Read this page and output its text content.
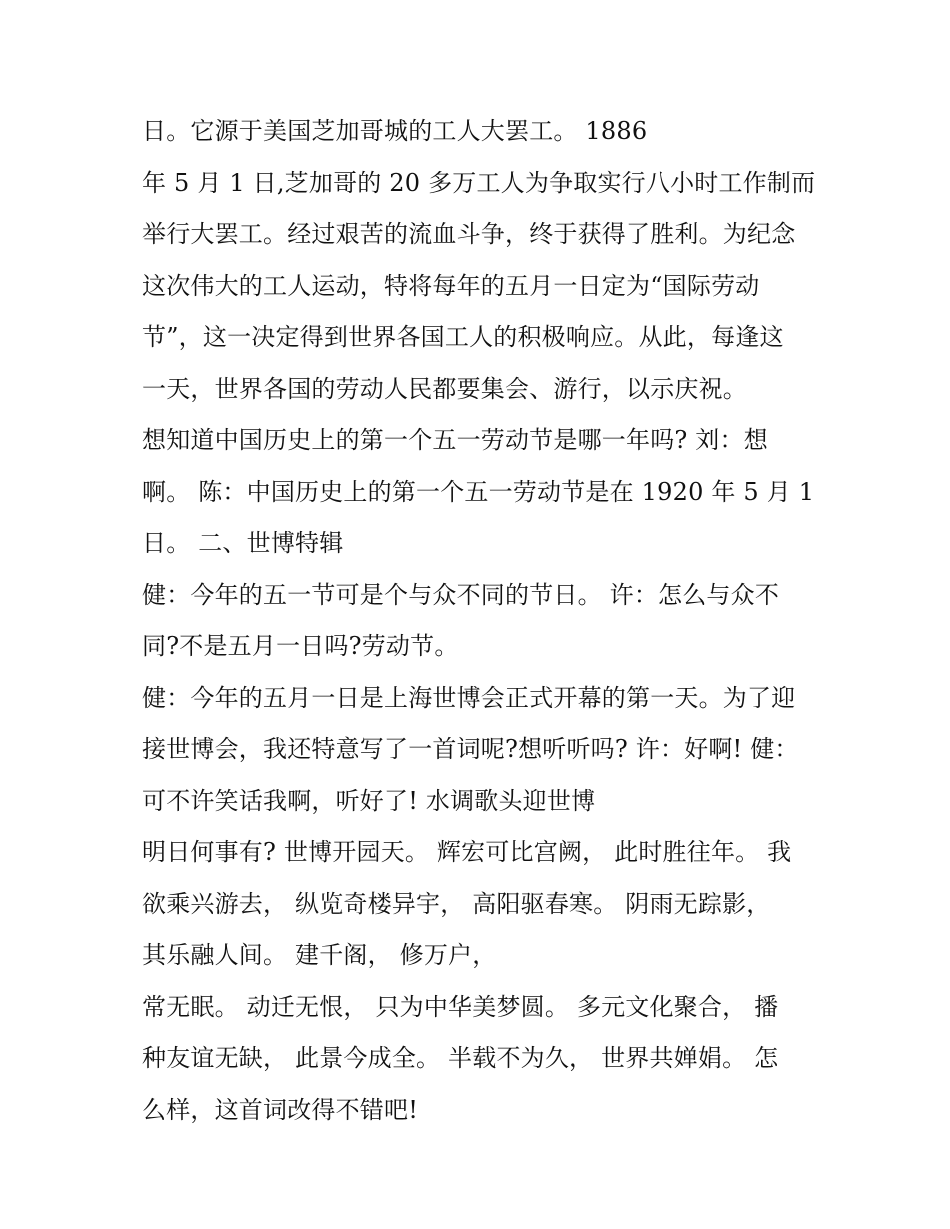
日。它源于美国芝加哥城的工人大罢工。 1886
年 5 月 1 日,芝加哥的 20 多万工人为争取实行八小时工作制而
举行大罢工。经过艰苦的流血斗争，终于获得了胜利。为纪念
这次伟大的工人运动，特将每年的五月一日定为“国际劳动
节”，这一决定得到世界各国工人的积极响应。从此，每逢这
一天，世界各国的劳动人民都要集会、游行，以示庆祝。
想知道中国历史上的第一个五一劳动节是哪一年吗? 刘：想
啊。 陈：中国历史上的第一个五一劳动节是在 1920 年 5 月 1
日。 二、世博特辑
健：今年的五一节可是个与众不同的节日。 许：怎么与众不
同?不是五月一日吗?劳动节。
健：今年的五月一日是上海世博会正式开幕的第一天。为了迎
接世博会，我还特意写了一首词呢?想听听吗? 许：好啊! 健：
可不许笑话我啊，听好了! 水调歌头迎世博
明日何事有? 世博开园天。 辉宏可比宫阙， 此时胜往年。 我
欲乘兴游去， 纵览奇楼异宇， 高阳驱春寒。 阴雨无踪影，
其乐融人间。 建千阁， 修万户，
常无眠。 动迁无恨， 只为中华美梦圆。 多元文化聚合， 播
种友谊无缺， 此景今成全。 半载不为久， 世界共婵娟。 怎
么样，这首词改得不错吧!
